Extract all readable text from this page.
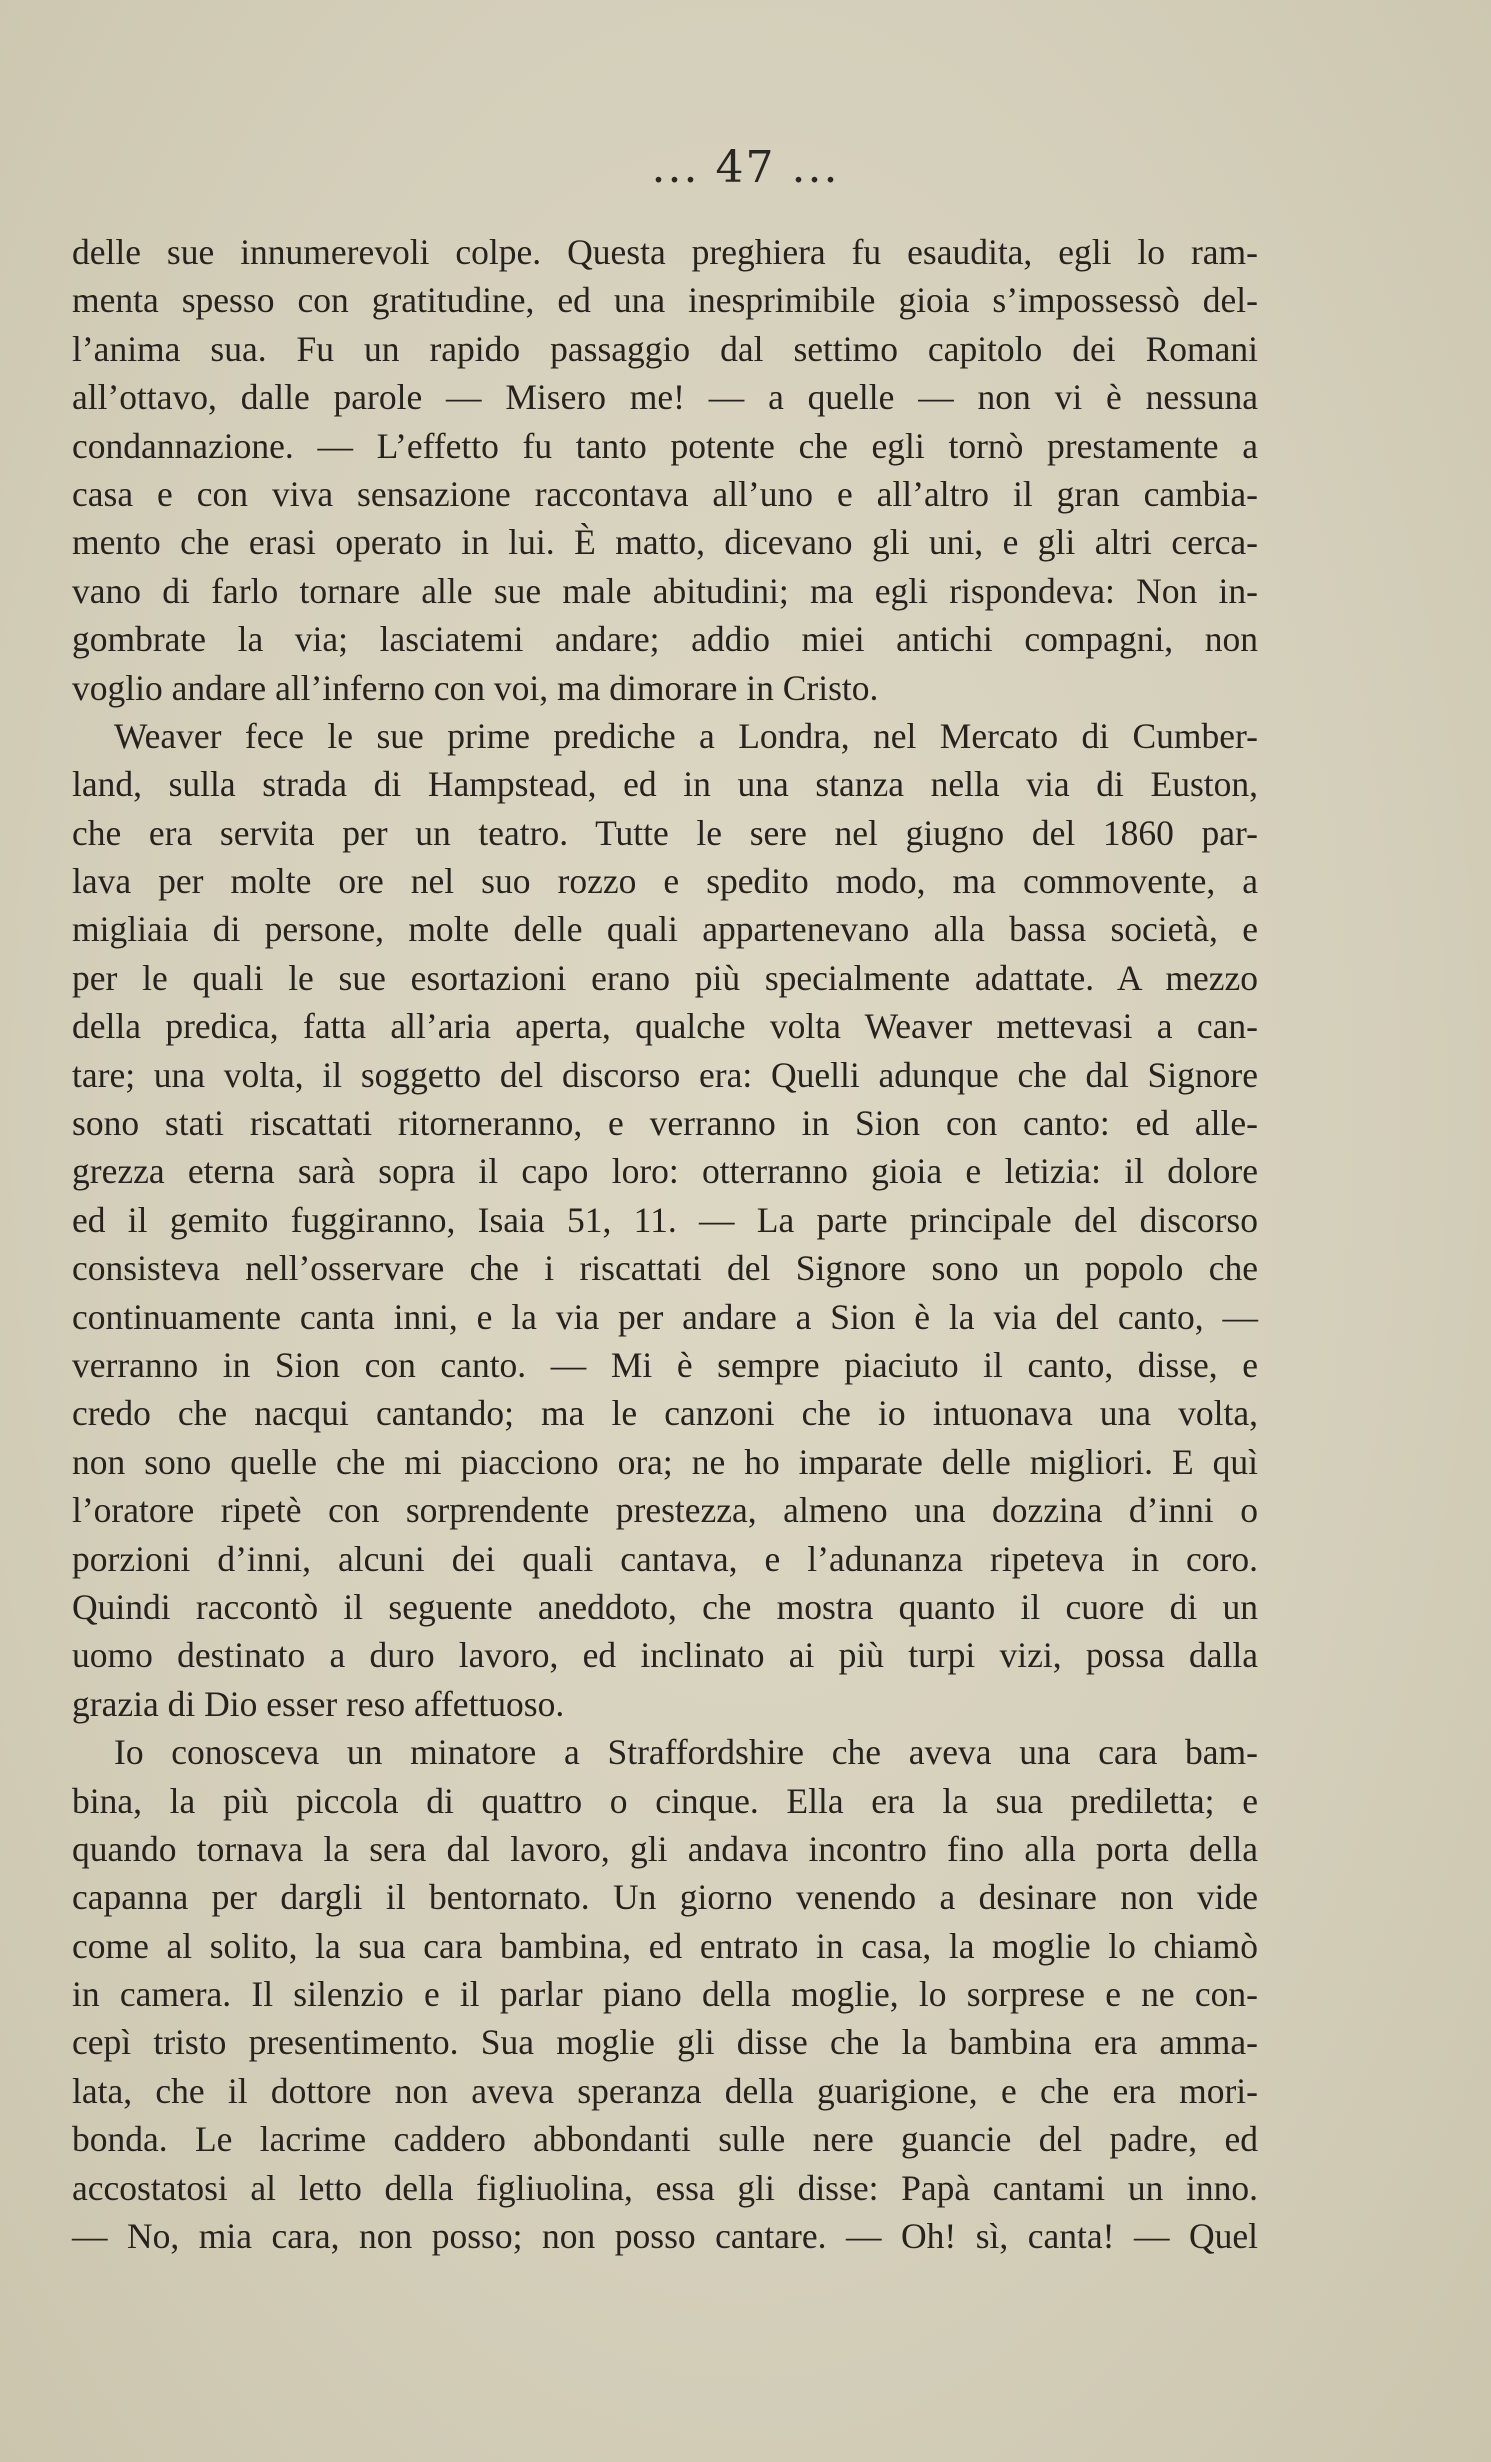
... 47 ...
delle sue innumerevoli colpe. Questa preghiera fu esaudita, egli lo ram-
menta spesso con gratitudine, ed una inesprimibile gioia s’impossessò del-
l’anima sua. Fu un rapido passaggio dal settimo capitolo dei Romani
all’ottavo, dalle parole — Misero me! — a quelle — non vi è nessuna
condannazione. — L’effetto fu tanto potente che egli tornò prestamente a
casa e con viva sensazione raccontava all’uno e all’altro il gran cambia-
mento che erasi operato in lui. È matto, dicevano gli uni, e gli altri cerca-
vano di farlo tornare alle sue male abitudini; ma egli rispondeva: Non in-
gombrate la via; lasciatemi andare; addio miei antichi compagni, non
voglio andare all’inferno con voi, ma dimorare in Cristo.
Weaver fece le sue prime prediche a Londra, nel Mercato di Cumber-
land, sulla strada di Hampstead, ed in una stanza nella via di Euston,
che era servita per un teatro. Tutte le sere nel giugno del 1860 par-
lava per molte ore nel suo rozzo e spedito modo, ma commovente, a
migliaia di persone, molte delle quali appartenevano alla bassa società, e
per le quali le sue esortazioni erano più specialmente adattate. A mezzo
della predica, fatta all’aria aperta, qualche volta Weaver mettevasi a can-
tare; una volta, il soggetto del discorso era: Quelli adunque che dal Signore
sono stati riscattati ritorneranno, e verranno in Sion con canto: ed alle-
grezza eterna sarà sopra il capo loro: otterranno gioia e letizia: il dolore
ed il gemito fuggiranno, Isaia 51, 11. — La parte principale del discorso
consisteva nell’osservare che i riscattati del Signore sono un popolo che
continuamente canta inni, e la via per andare a Sion è la via del canto, —
verranno in Sion con canto. — Mi è sempre piaciuto il canto, disse, e
credo che nacqui cantando; ma le canzoni che io intuonava una volta,
non sono quelle che mi piacciono ora; ne ho imparate delle migliori. E quì
l’oratore ripetè con sorprendente prestezza, almeno una dozzina d’inni o
porzioni d’inni, alcuni dei quali cantava, e l’adunanza ripeteva in coro.
Quindi raccontò il seguente aneddoto, che mostra quanto il cuore di un
uomo destinato a duro lavoro, ed inclinato ai più turpi vizi, possa dalla
grazia di Dio esser reso affettuoso.
Io conosceva un minatore a Straffordshire che aveva una cara bam-
bina, la più piccola di quattro o cinque. Ella era la sua prediletta; e
quando tornava la sera dal lavoro, gli andava incontro fino alla porta della
capanna per dargli il bentornato. Un giorno venendo a desinare non vide
come al solito, la sua cara bambina, ed entrato in casa, la moglie lo chiamò
in camera. Il silenzio e il parlar piano della moglie, lo sorprese e ne con-
cepì tristo presentimento. Sua moglie gli disse che la bambina era amma-
lata, che il dottore non aveva speranza della guarigione, e che era mori-
bonda. Le lacrime caddero abbondanti sulle nere guancie del padre, ed
accostatosi al letto della figliuolina, essa gli disse: Papà cantami un inno.
— No, mia cara, non posso; non posso cantare. — Oh! sì, canta! — Quel
